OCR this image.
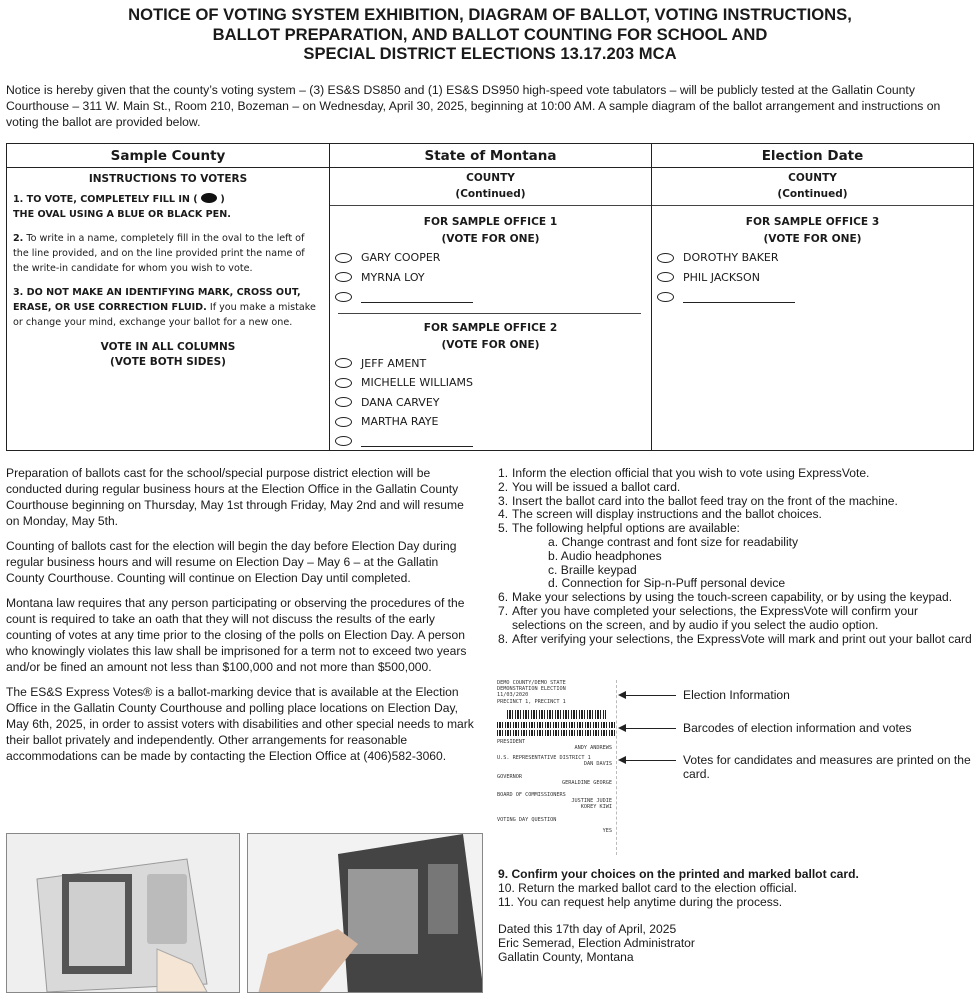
NOTICE OF VOTING SYSTEM EXHIBITION, DIAGRAM OF BALLOT, VOTING INSTRUCTIONS,
BALLOT PREPARATION, AND BALLOT COUNTING FOR SCHOOL AND
SPECIAL DISTRICT ELECTIONS 13.17.203 MCA
Notice is hereby given that the county’s voting system – (3) ES&S DS850 and (1) ES&S DS950 high-speed vote tabulators – will be publicly tested at the Gallatin County Courthouse – 311 W. Main St., Room 210, Bozeman – on Wednesday, April 30, 2025, beginning at 10:00 AM. A sample diagram of the ballot arrangement and instructions on voting the ballot are provided below.
Sample County
INSTRUCTIONS TO VOTERS

1. TO VOTE, COMPLETELY FILL IN ( )
THE OVAL USING A BLUE OR BLACK PEN.

2. To write in a name, completely fill in the oval to the left of the line provided, and on the line provided print the name of the write-in candidate for whom you wish to vote.

3. DO NOT MAKE AN IDENTIFYING MARK, CROSS OUT, ERASE, OR USE CORRECTION FLUID. If you make a mistake or change your mind, exchange your ballot for a new one.

VOTE IN ALL COLUMNS
(VOTE BOTH SIDES)
State of Montana
COUNTY
(Continued)
FOR SAMPLE OFFICE 1
(VOTE FOR ONE)
GARY COOPER
MYRNA LOY
FOR SAMPLE OFFICE 2
(VOTE FOR ONE)
JEFF AMENT
MICHELLE WILLIAMS
DANA CARVEY
MARTHA RAYE
Election Date
COUNTY
(Continued)
FOR SAMPLE OFFICE 3
(VOTE FOR ONE)
DOROTHY BAKER
PHIL JACKSON

Preparation of ballots cast for the school/special purpose district election will be conducted during regular business hours at the Election Office in the Gallatin County Courthouse beginning on Thursday, May 1st through Friday, May 2nd and will resume on Monday, May 5th.

Counting of ballots cast for the election will begin the day before Election Day during regular business hours and will resume on Election Day – May 6 – at the Gallatin County Courthouse. Counting will continue on Election Day until completed.

Montana law requires that any person participating or observing the procedures of the count is required to take an oath that they will not discuss the results of the early counting of votes at any time prior to the closing of the polls on Election Day. A person who knowingly violates this law shall be imprisoned for a term not to exceed two years and/or be fined an amount not less than $100,000 and not more than $500,000.

The ES&S Express Votes® is a ballot-marking device that is available at the Election Office in the Gallatin County Courthouse and polling place locations on Election Day, May 6th, 2025, in order to assist voters with disabilities and other special needs to mark their ballot privately and independently. Other arrangements for reasonable accommodations can be made by contacting the Election Office at (406)582-3060.

1. Inform the election official that you wish to vote using ExpressVote.
2. You will be issued a ballot card.
3. Insert the ballot card into the ballot feed tray on the front of the machine.
4. The screen will display instructions and the ballot choices.
5. The following helpful options are available:
a. Change contrast and font size for readability
b. Audio headphones
c. Braille keypad
d. Connection for Sip-n-Puff personal device
6. Make your selections by using the touch-screen capability, or by using the keypad.
7. After you have completed your selections, the ExpressVote will confirm your selections on the screen, and by audio if you select the audio option.
8. After verifying your selections, the ExpressVote will mark and print out your ballot card
DEMO COUNTY/DEMO STATE
DEMONSTRATION ELECTION
11/03/2020
PRECINCT 1, PRECINCT 1
PRESIDENT
ANDY ANDREWS
U.S. REPRESENTATIVE DISTRICT 1
DAN DAVIS
GOVERNOR
GERALDINE GEORGE
BOARD OF COMMISSIONERS
JUSTINE JUDIE
KOREY KIWI
VOTING DAY QUESTION
YES
Election Information
Barcodes of election information and votes
Votes for candidates and measures are printed on the card.
9. Confirm your choices on the printed and marked ballot card.
10. Return the marked ballot card to the election official.
11. You can request help anytime during the process.
Dated this 17th day of April, 2025
Eric Semerad, Election Administrator
Gallatin County, Montana
